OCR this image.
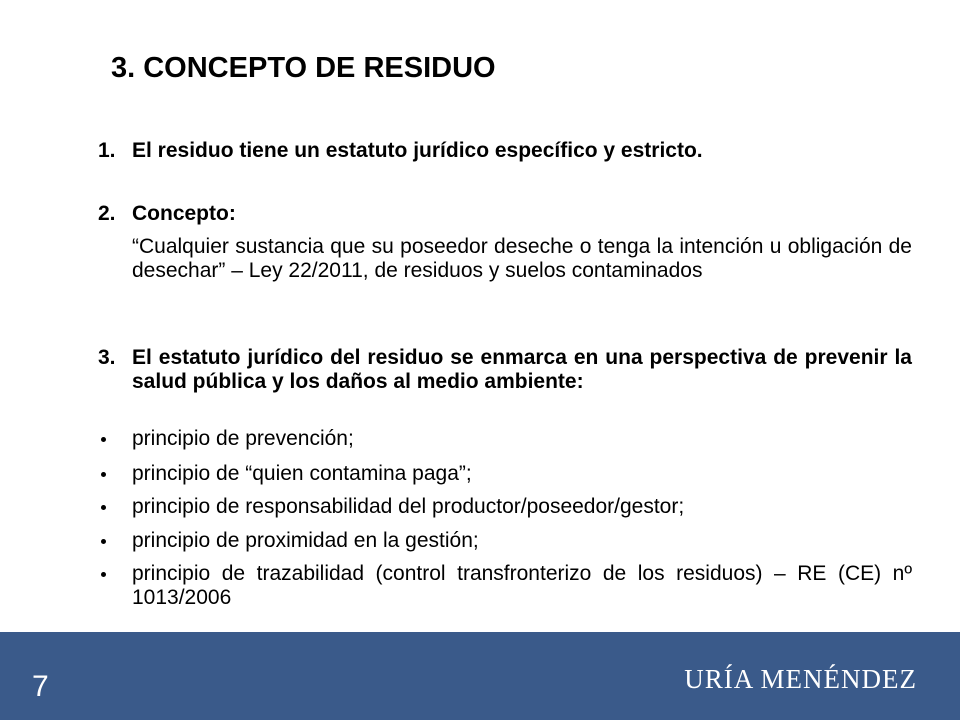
3. CONCEPTO DE RESIDUO
1. El residuo tiene un estatuto jurídico específico y estricto.
2. Concepto:
“Cualquier sustancia que su poseedor deseche o tenga la intención u obligación de desechar” – Ley 22/2011, de residuos y suelos contaminados
3. El estatuto jurídico del residuo se enmarca en una perspectiva de prevenir la salud pública y los daños al medio ambiente:
principio de prevención;
principio de “quien contamina paga”;
principio de responsabilidad del productor/poseedor/gestor;
principio de proximidad en la gestión;
principio de trazabilidad (control transfronterizo de los residuos) – RE (CE) nº 1013/2006
7	URÍA MENÉNDEZ
